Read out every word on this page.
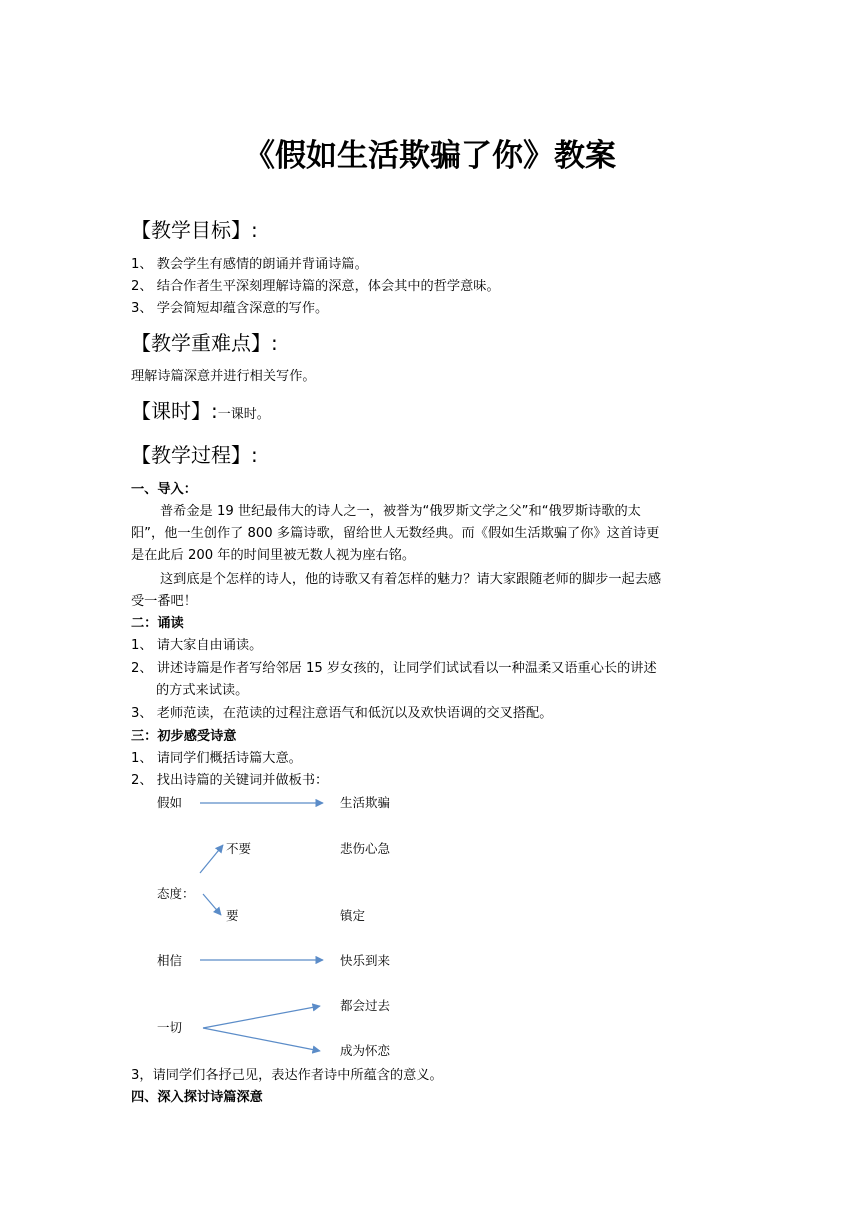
《假如生活欺骗了你》教案
【教学目标】:
1、 教会学生有感情的朗诵并背诵诗篇。
2、 结合作者生平深刻理解诗篇的深意，体会其中的哲学意味。
3、 学会简短却蕴含深意的写作。
【教学重难点】:
理解诗篇深意并进行相关写作。
【课时】:一课时。
【教学过程】:
一、导入：
普希金是 19 世纪最伟大的诗人之一，被誉为“俄罗斯文学之父”和“俄罗斯诗歌的太
阳”，他一生创作了 800 多篇诗歌，留给世人无数经典。而《假如生活欺骗了你》这首诗更
是在此后 200 年的时间里被无数人视为座右铭。
这到底是个怎样的诗人，他的诗歌又有着怎样的魅力？请大家跟随老师的脚步一起去感
受一番吧！
二：诵读
1、 请大家自由诵读。
2、 讲述诗篇是作者写给邻居 15 岁女孩的，让同学们试试看以一种温柔又语重心长的讲述
的方式来试读。
3、 老师范读，在范读的过程注意语气和低沉以及欢快语调的交叉搭配。
三：初步感受诗意
1、 请同学们概括诗篇大意。
2、 找出诗篇的关键词并做板书：
假如	生活欺骗
不要	悲伤心急
态度：
要	镇定
相信	快乐到来
都会过去
一切
成为怀恋
3，请同学们各抒己见，表达作者诗中所蕴含的意义。
四、深入探讨诗篇深意
